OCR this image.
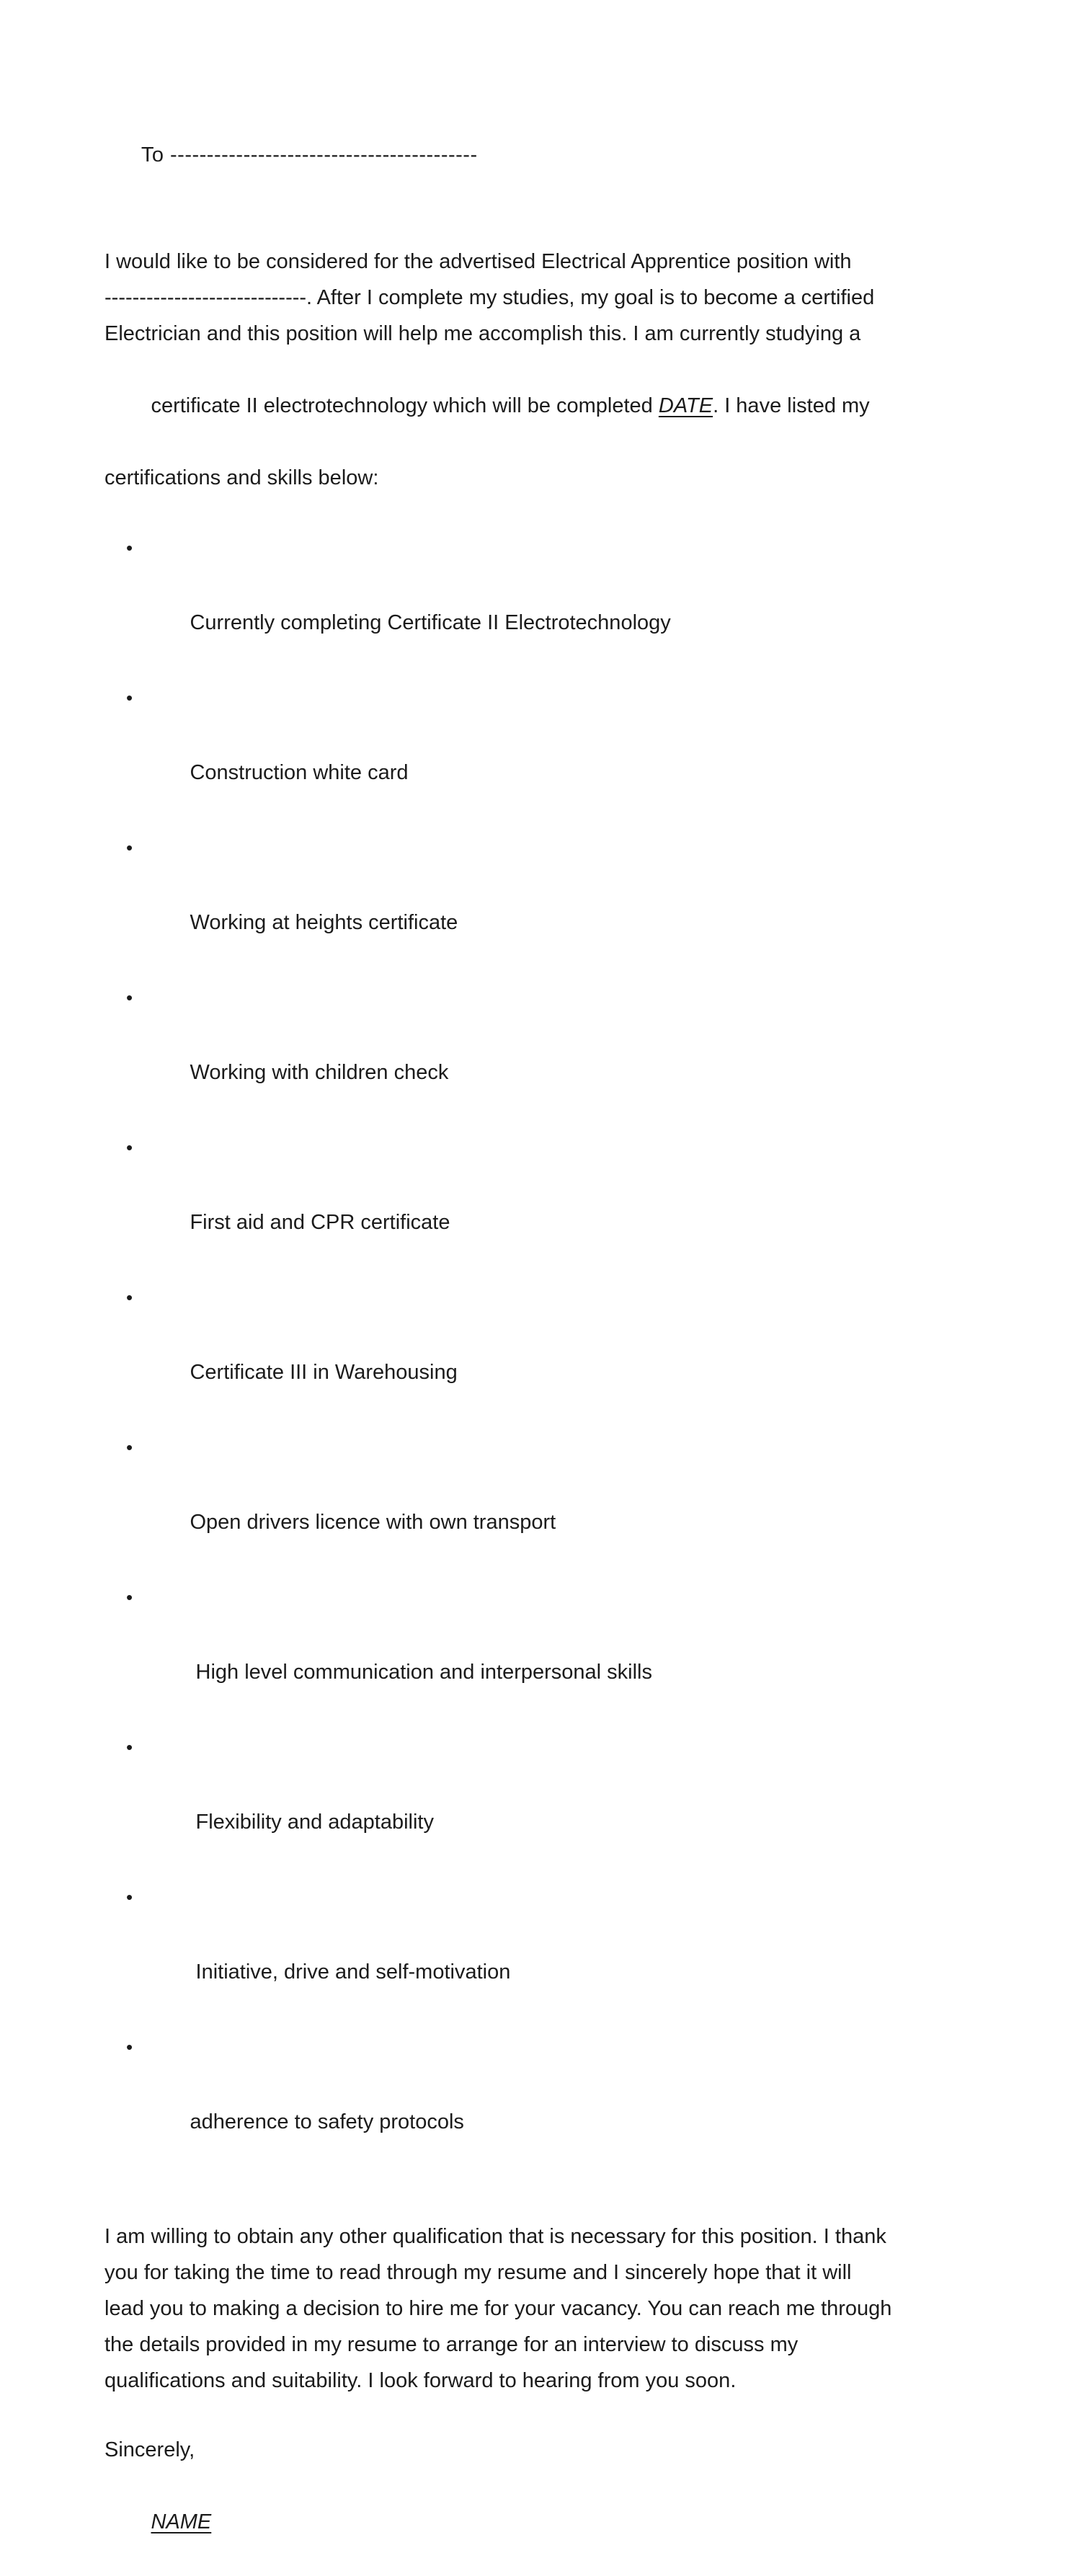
To ------------------------------------------

I would like to be considered for the advertised Electrical Apprentice position with
-----------------------------. After I complete my studies, my goal is to become a certified
Electrician and this position will help me accomplish this. I am currently studying a

certificate II electrotechnology which will be completed DATE. I have listed my

certifications and skills below:

•

Currently completing Certificate II Electrotechnology

•

Construction white card

•

Working at heights certificate

•

Working with children check

•

First aid and CPR certificate

•

Certificate III in Warehousing

•

Open drivers licence with own transport

•

High level communication and interpersonal skills

•

Flexibility and adaptability

•

Initiative, drive and self-motivation

•

adherence to safety protocols

I am willing to obtain any other qualification that is necessary for this position. I thank
you for taking the time to read through my resume and I sincerely hope that it will
lead you to making a decision to hire me for your vacancy. You can reach me through
the details provided in my resume to arrange for an interview to discuss my
qualifications and suitability. I look forward to hearing from you soon.
Sincerely,

NAME
